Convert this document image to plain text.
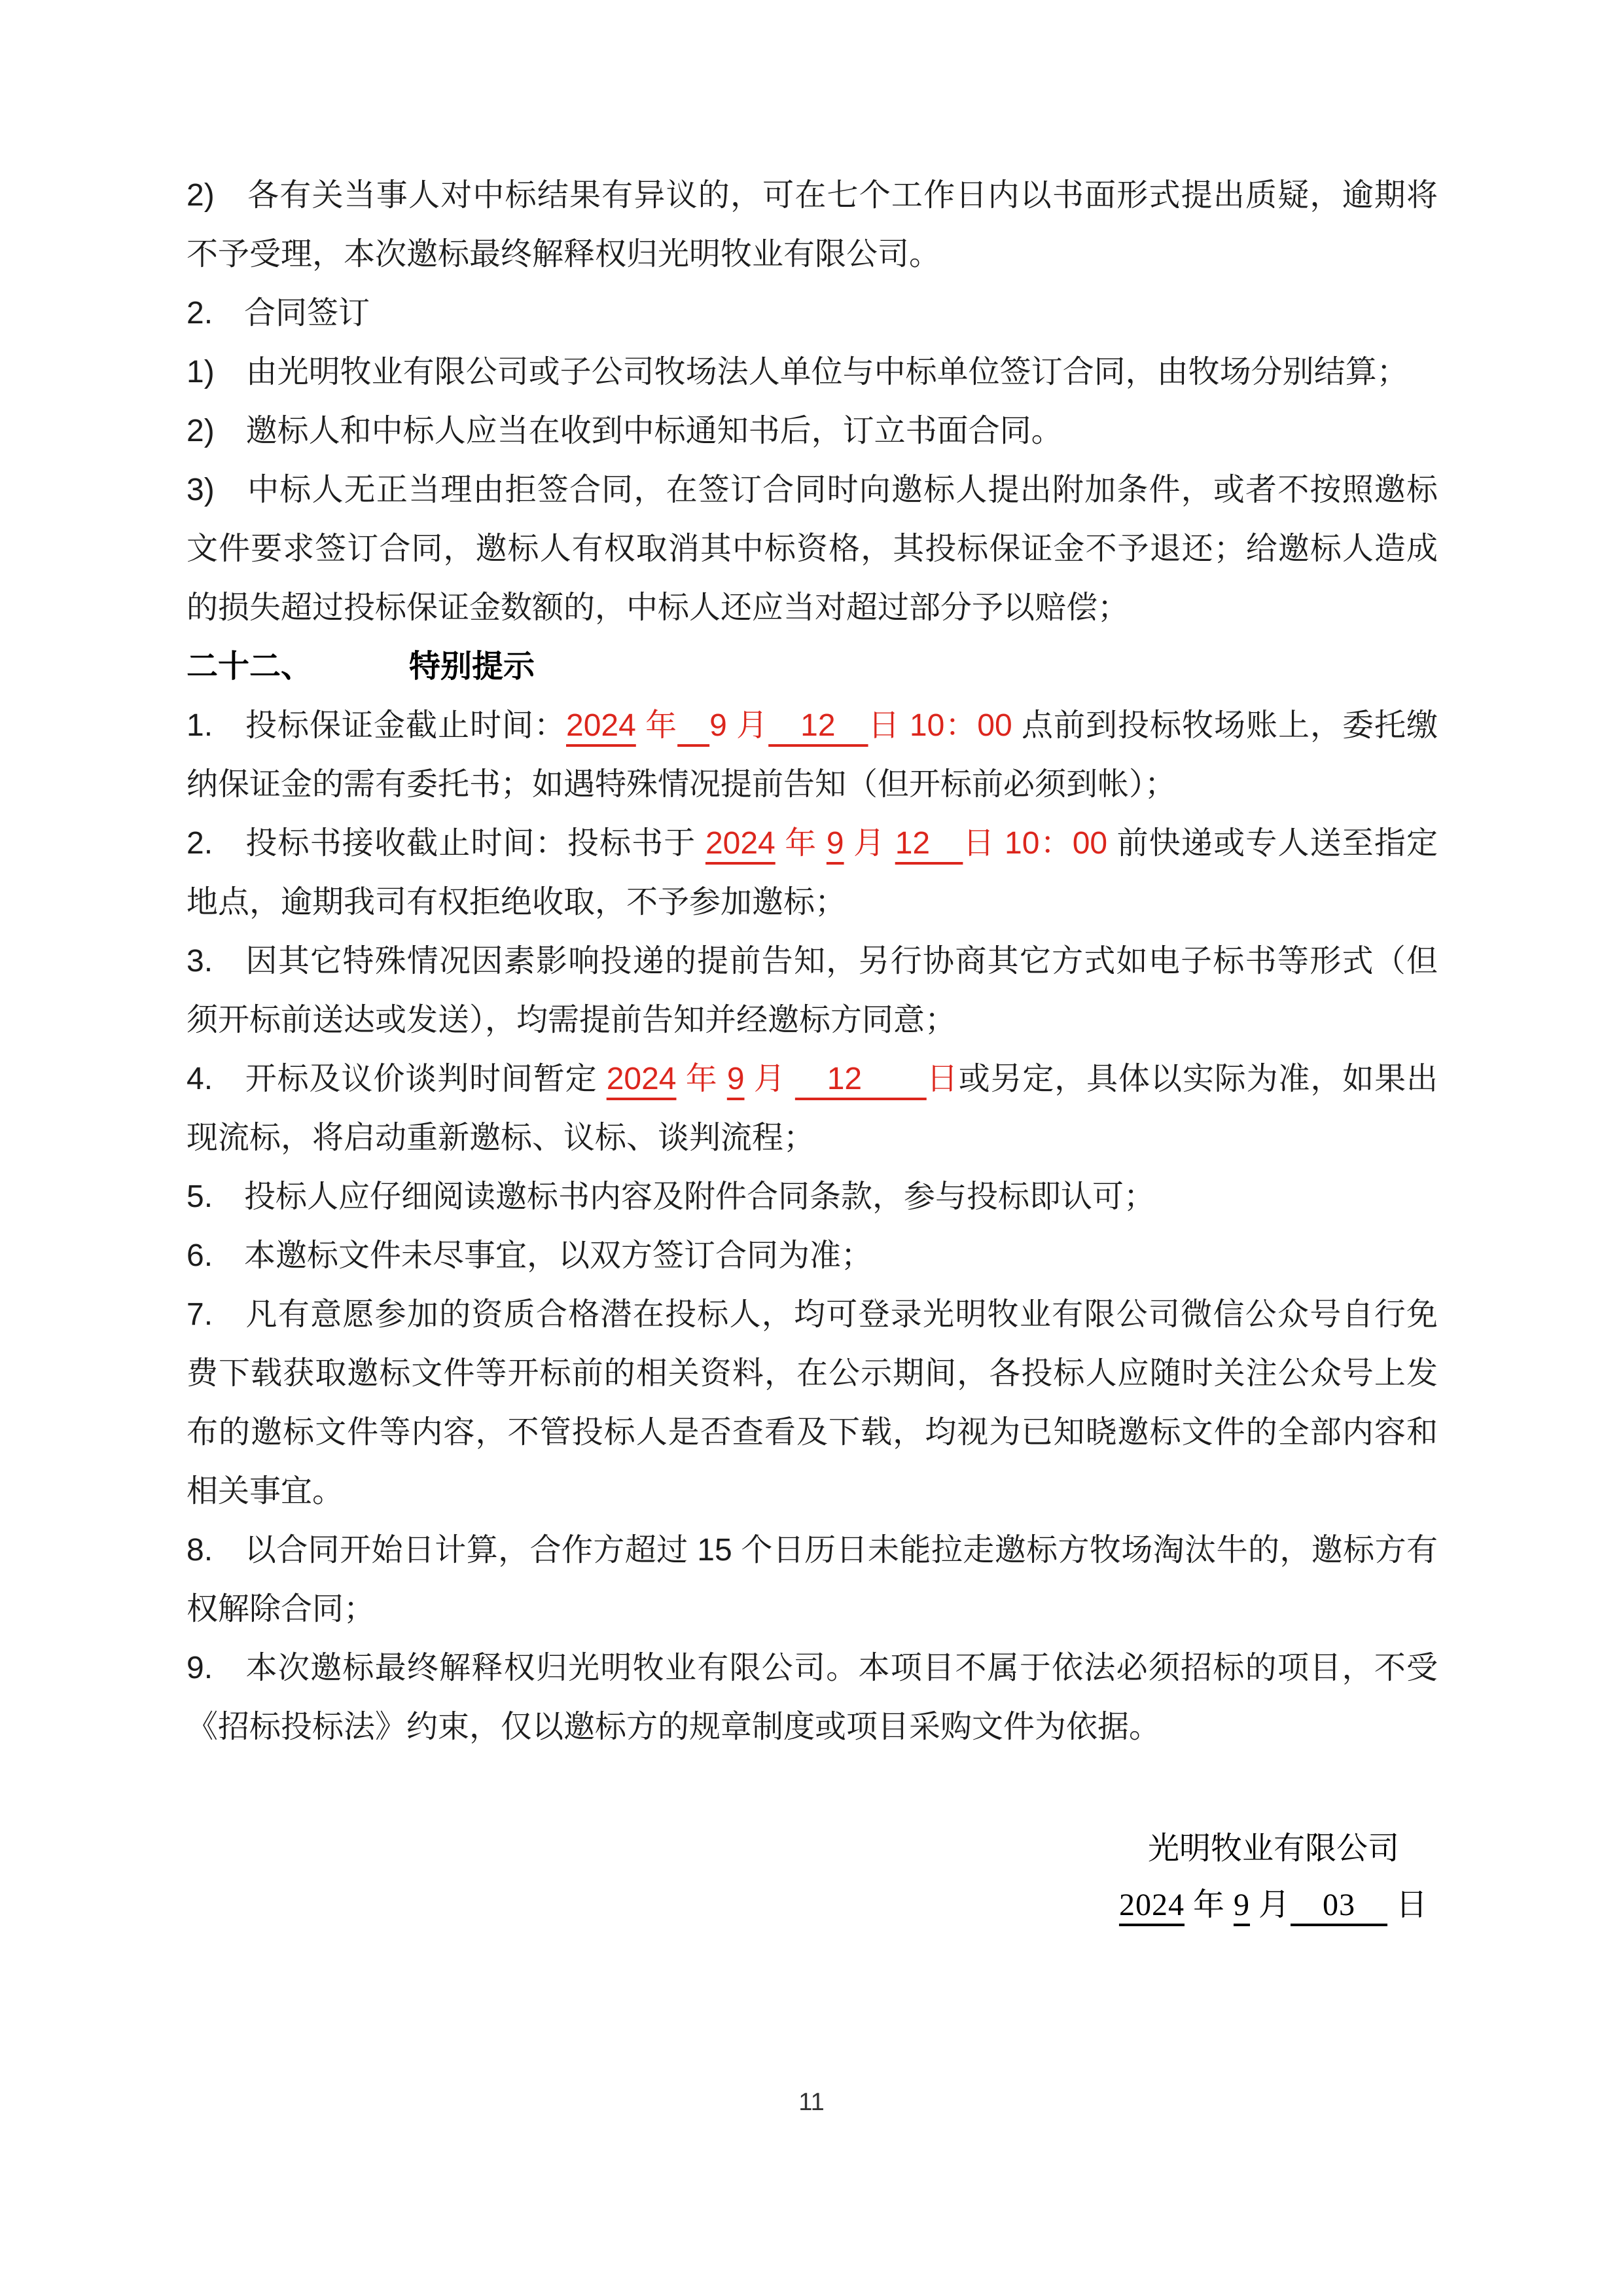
2)　各有关当事人对中标结果有异议的，可在七个工作日内以书面形式提出质疑，逾期将不予受理，本次邀标最终解释权归光明牧业有限公司。

2.　合同签订

1)　由光明牧业有限公司或子公司牧场法人单位与中标单位签订合同，由牧场分别结算；

2)　邀标人和中标人应当在收到中标通知书后，订立书面合同。

3)　中标人无正当理由拒签合同，在签订合同时向邀标人提出附加条件，或者不按照邀标文件要求签订合同，邀标人有权取消其中标资格，其投标保证金不予退还；给邀标人造成的损失超过投标保证金数额的，中标人还应当对超过部分予以赔偿；

二十二、	特别提示

1.　投标保证金截止时间：2024 年　 9 月　12　日 10：00 点前到投标牧场账上，委托缴纳保证金的需有委托书；如遇特殊情况提前告知（但开标前必须到帐）；

2.　投标书接收截止时间：投标书于 2024 年 9 月 12　日 10：00 前快递或专人送至指定地点，逾期我司有权拒绝收取，不予参加邀标；

3.　因其它特殊情况因素影响投递的提前告知，另行协商其它方式如电子标书等形式（但须开标前送达或发送），均需提前告知并经邀标方同意；

4.　开标及议价谈判时间暂定 2024 年 9 月 　12　　日或另定，具体以实际为准，如果出现流标，将启动重新邀标、议标、谈判流程；

5.　投标人应仔细阅读邀标书内容及附件合同条款，参与投标即认可；

6.　本邀标文件未尽事宜，以双方签订合同为准；

7.　凡有意愿参加的资质合格潜在投标人，均可登录光明牧业有限公司微信公众号自行免费下载获取邀标文件等开标前的相关资料，在公示期间，各投标人应随时关注公众号上发布的邀标文件等内容，不管投标人是否查看及下载，均视为已知晓邀标文件的全部内容和相关事宜。

8.　以合同开始日计算，合作方超过 15 个日历日未能拉走邀标方牧场淘汰牛的，邀标方有权解除合同；

9.　本次邀标最终解释权归光明牧业有限公司。本项目不属于依法必须招标的项目，不受《招标投标法》约束，仅以邀标方的规章制度或项目采购文件为依据。

光明牧业有限公司
2024 年 9 月　03　 日
11
